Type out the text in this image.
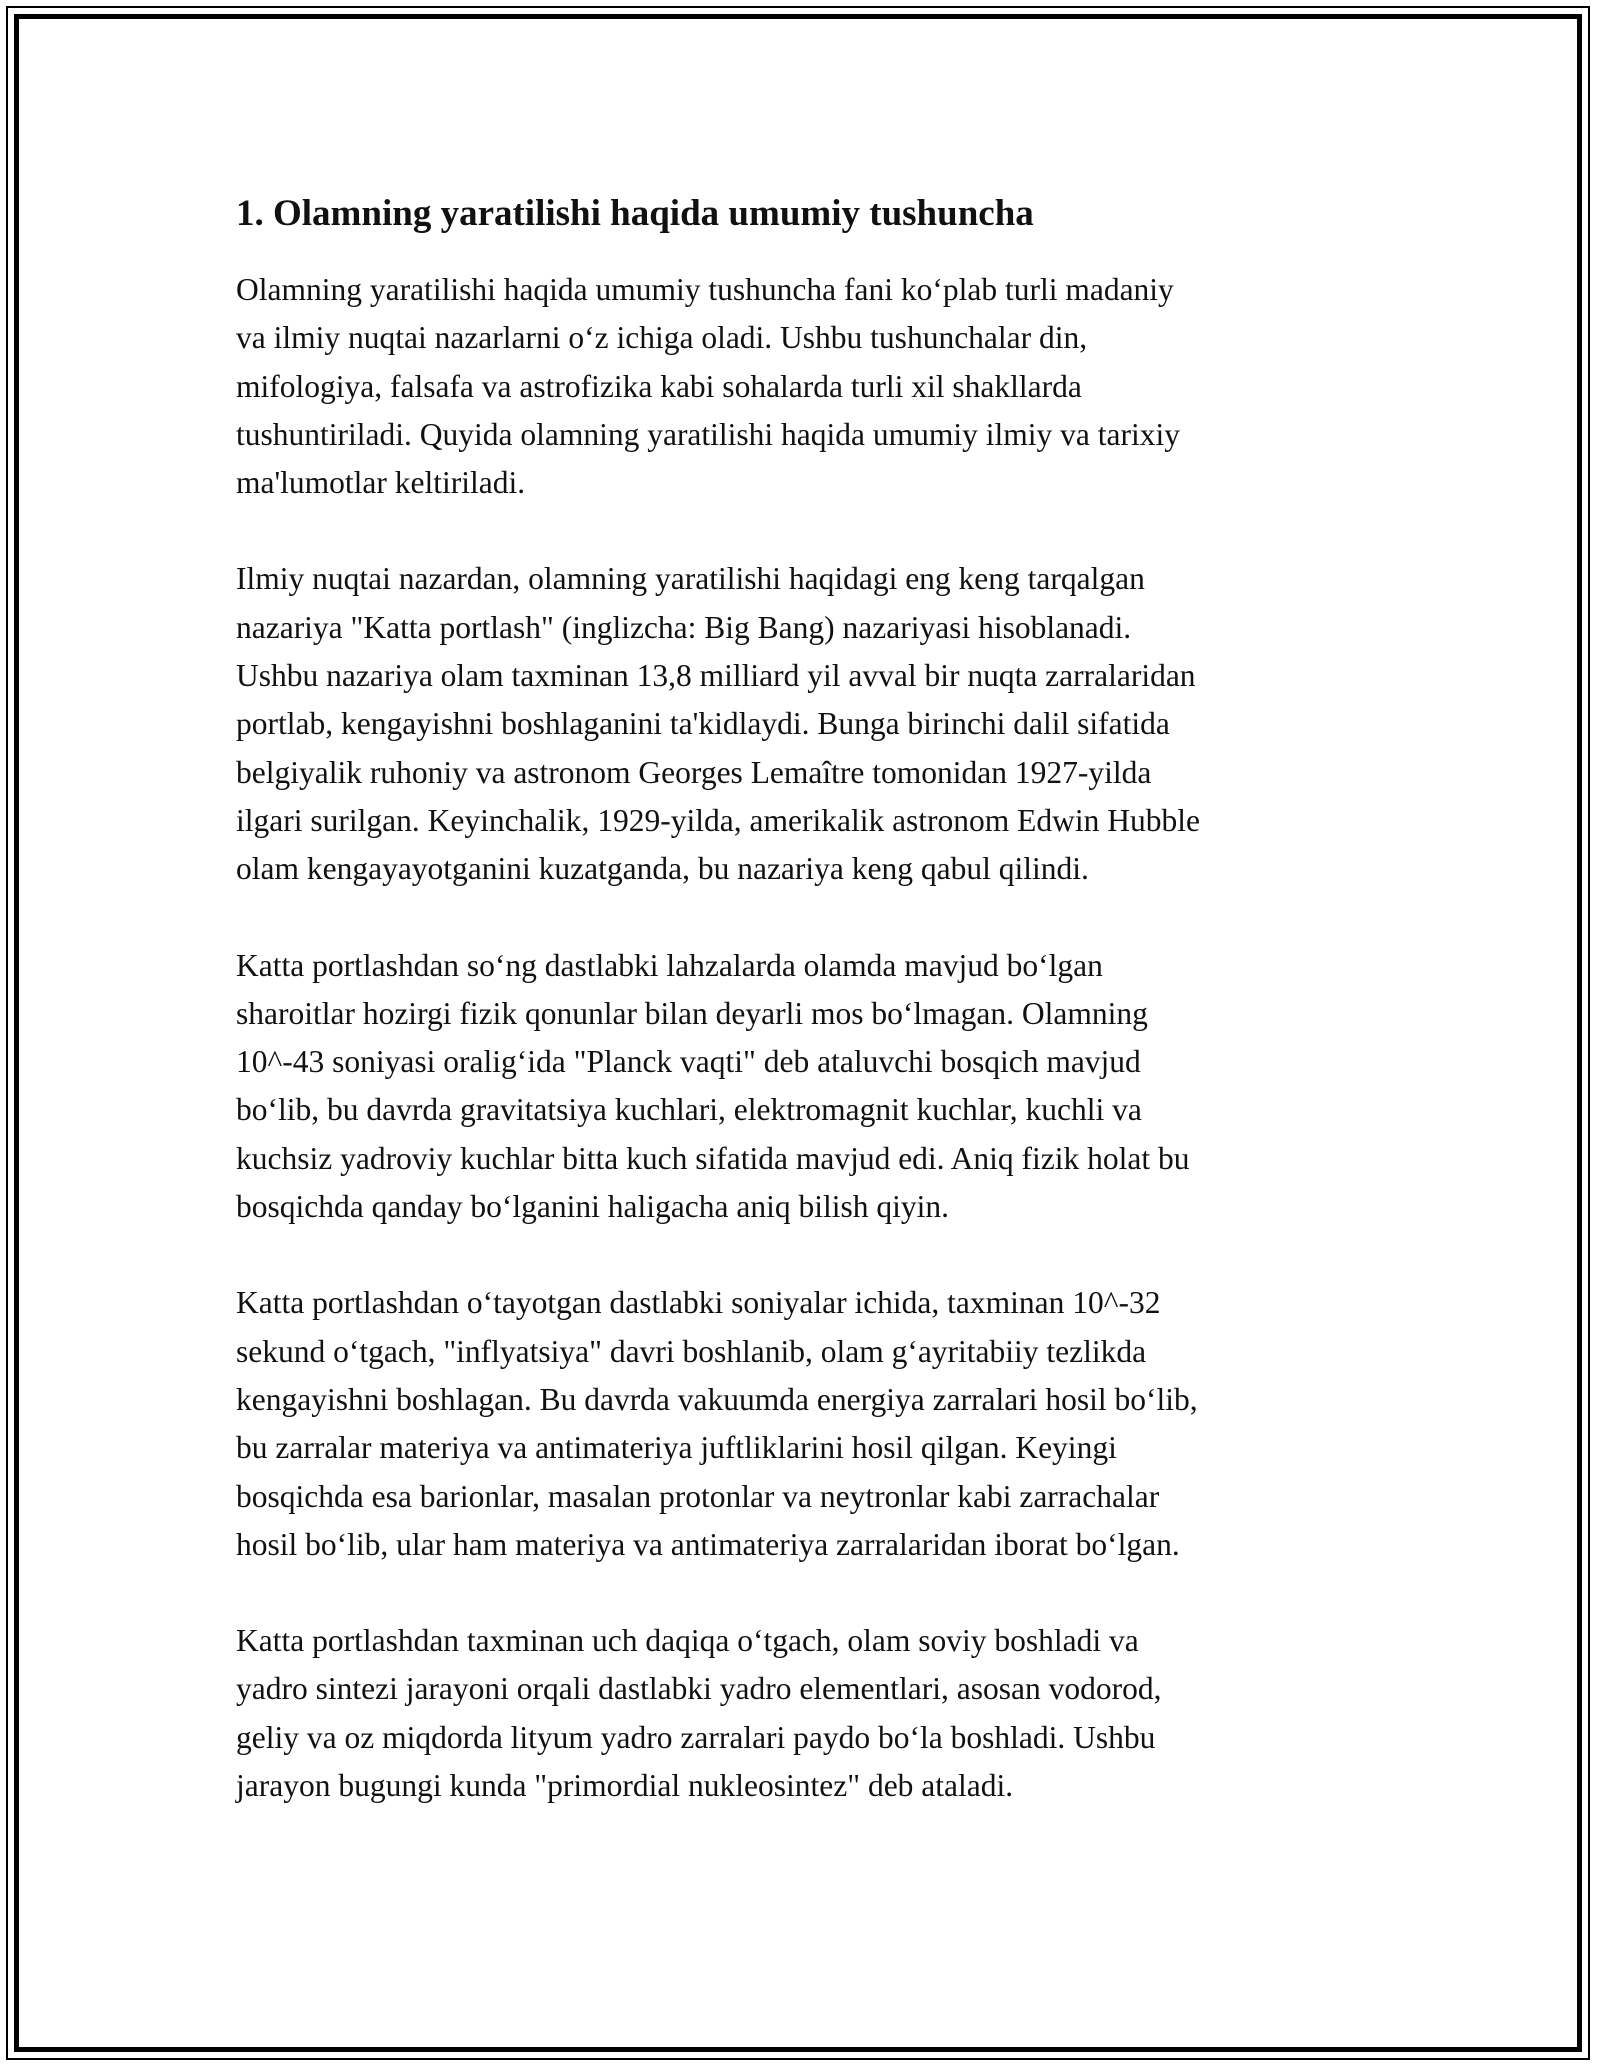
1. Olamning yaratilishi haqida umumiy tushuncha

Olamning yaratilishi haqida umumiy tushuncha fani ko‘plab turli madaniy
va ilmiy nuqtai nazarlarni o‘z ichiga oladi. Ushbu tushunchalar din,
mifologiya, falsafa va astrofizika kabi sohalarda turli xil shakllarda
tushuntiriladi. Quyida olamning yaratilishi haqida umumiy ilmiy va tarixiy
ma'lumotlar keltiriladi.

Ilmiy nuqtai nazardan, olamning yaratilishi haqidagi eng keng tarqalgan
nazariya "Katta portlash" (inglizcha: Big Bang) nazariyasi hisoblanadi.
Ushbu nazariya olam taxminan 13,8 milliard yil avval bir nuqta zarralaridan
portlab, kengayishni boshlaganini ta'kidlaydi. Bunga birinchi dalil sifatida
belgiyalik ruhoniy va astronom Georges Lemaître tomonidan 1927-yilda
ilgari surilgan. Keyinchalik, 1929-yilda, amerikalik astronom Edwin Hubble
olam kengayayotganini kuzatganda, bu nazariya keng qabul qilindi.

Katta portlashdan so‘ng dastlabki lahzalarda olamda mavjud bo‘lgan
sharoitlar hozirgi fizik qonunlar bilan deyarli mos bo‘lmagan. Olamning
10^-43 soniyasi oralig‘ida "Planck vaqti" deb ataluvchi bosqich mavjud
bo‘lib, bu davrda gravitatsiya kuchlari, elektromagnit kuchlar, kuchli va
kuchsiz yadroviy kuchlar bitta kuch sifatida mavjud edi. Aniq fizik holat bu
bosqichda qanday bo‘lganini haligacha aniq bilish qiyin.

Katta portlashdan o‘tayotgan dastlabki soniyalar ichida, taxminan 10^-32
sekund o‘tgach, "inflyatsiya" davri boshlanib, olam g‘ayritabiiy tezlikda
kengayishni boshlagan. Bu davrda vakuumda energiya zarralari hosil bo‘lib,
bu zarralar materiya va antimateriya juftliklarini hosil qilgan. Keyingi
bosqichda esa barionlar, masalan protonlar va neytronlar kabi zarrachalar
hosil bo‘lib, ular ham materiya va antimateriya zarralaridan iborat bo‘lgan.

Katta portlashdan taxminan uch daqiqa o‘tgach, olam soviy boshladi va
yadro sintezi jarayoni orqali dastlabki yadro elementlari, asosan vodorod,
geliy va oz miqdorda lityum yadro zarralari paydo bo‘la boshladi. Ushbu
jarayon bugungi kunda "primordial nukleosintez" deb ataladi.
